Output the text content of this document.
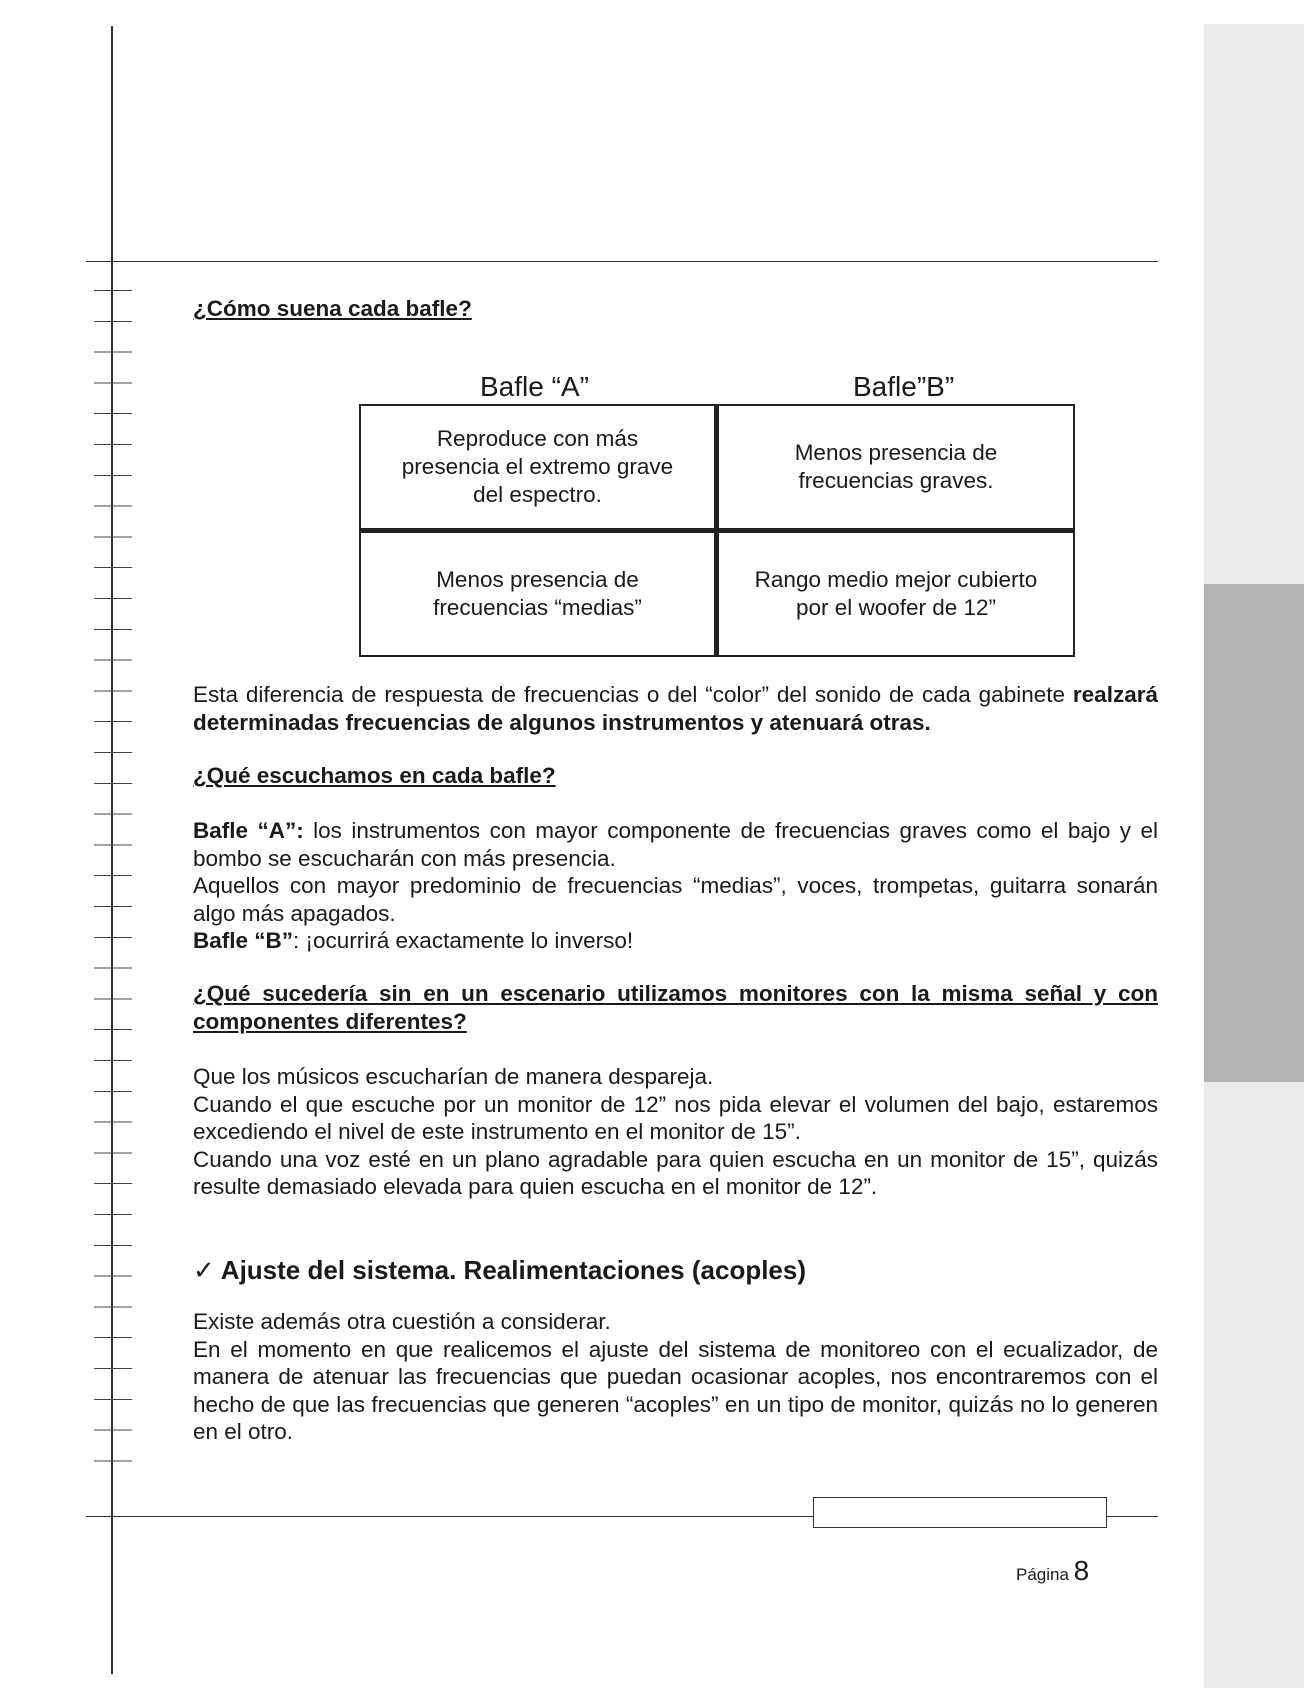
¿Cómo suena cada bafle?
Bafle “A”	Bafle”B”
Reproduce con más presencia el extremo grave del espectro.	Menos presencia de frecuencias graves.
Menos presencia de frecuencias “medias”	Rango medio mejor cubierto por el woofer de 12”

Esta diferencia de respuesta de frecuencias o del “color” del sonido de cada gabinete realzará determinadas frecuencias de algunos instrumentos y atenuará otras.

¿Qué escuchamos en cada bafle?

Bafle “A”: los instrumentos con mayor componente de frecuencias graves como el bajo y el bombo se escucharán con más presencia.

Aquellos con mayor predominio de frecuencias “medias”, voces, trompetas, guitarra sonarán algo más apagados.

Bafle “B”: ¡ocurrirá exactamente lo inverso!

¿Qué sucedería sin en un escenario utilizamos monitores con la misma señal y con componentes diferentes?

Que los músicos escucharían de manera despareja.

Cuando el que escuche por un monitor de 12” nos pida elevar el volumen del bajo, estaremos excediendo el nivel de este instrumento en el monitor de 15”.

Cuando una voz esté en un plano agradable para quien escucha en un monitor de 15”, quizás resulte demasiado elevada para quien escucha en el monitor de 12”.

✓ Ajuste del sistema. Realimentaciones (acoples)

Existe además otra cuestión a considerar.

En el momento en que realicemos el ajuste del sistema de monitoreo con el ecualizador, de manera de atenuar las frecuencias que puedan ocasionar acoples, nos encontraremos con el hecho de que las frecuencias que generen “acoples” en un tipo de monitor, quizás no lo generen en el otro.

Página 8
